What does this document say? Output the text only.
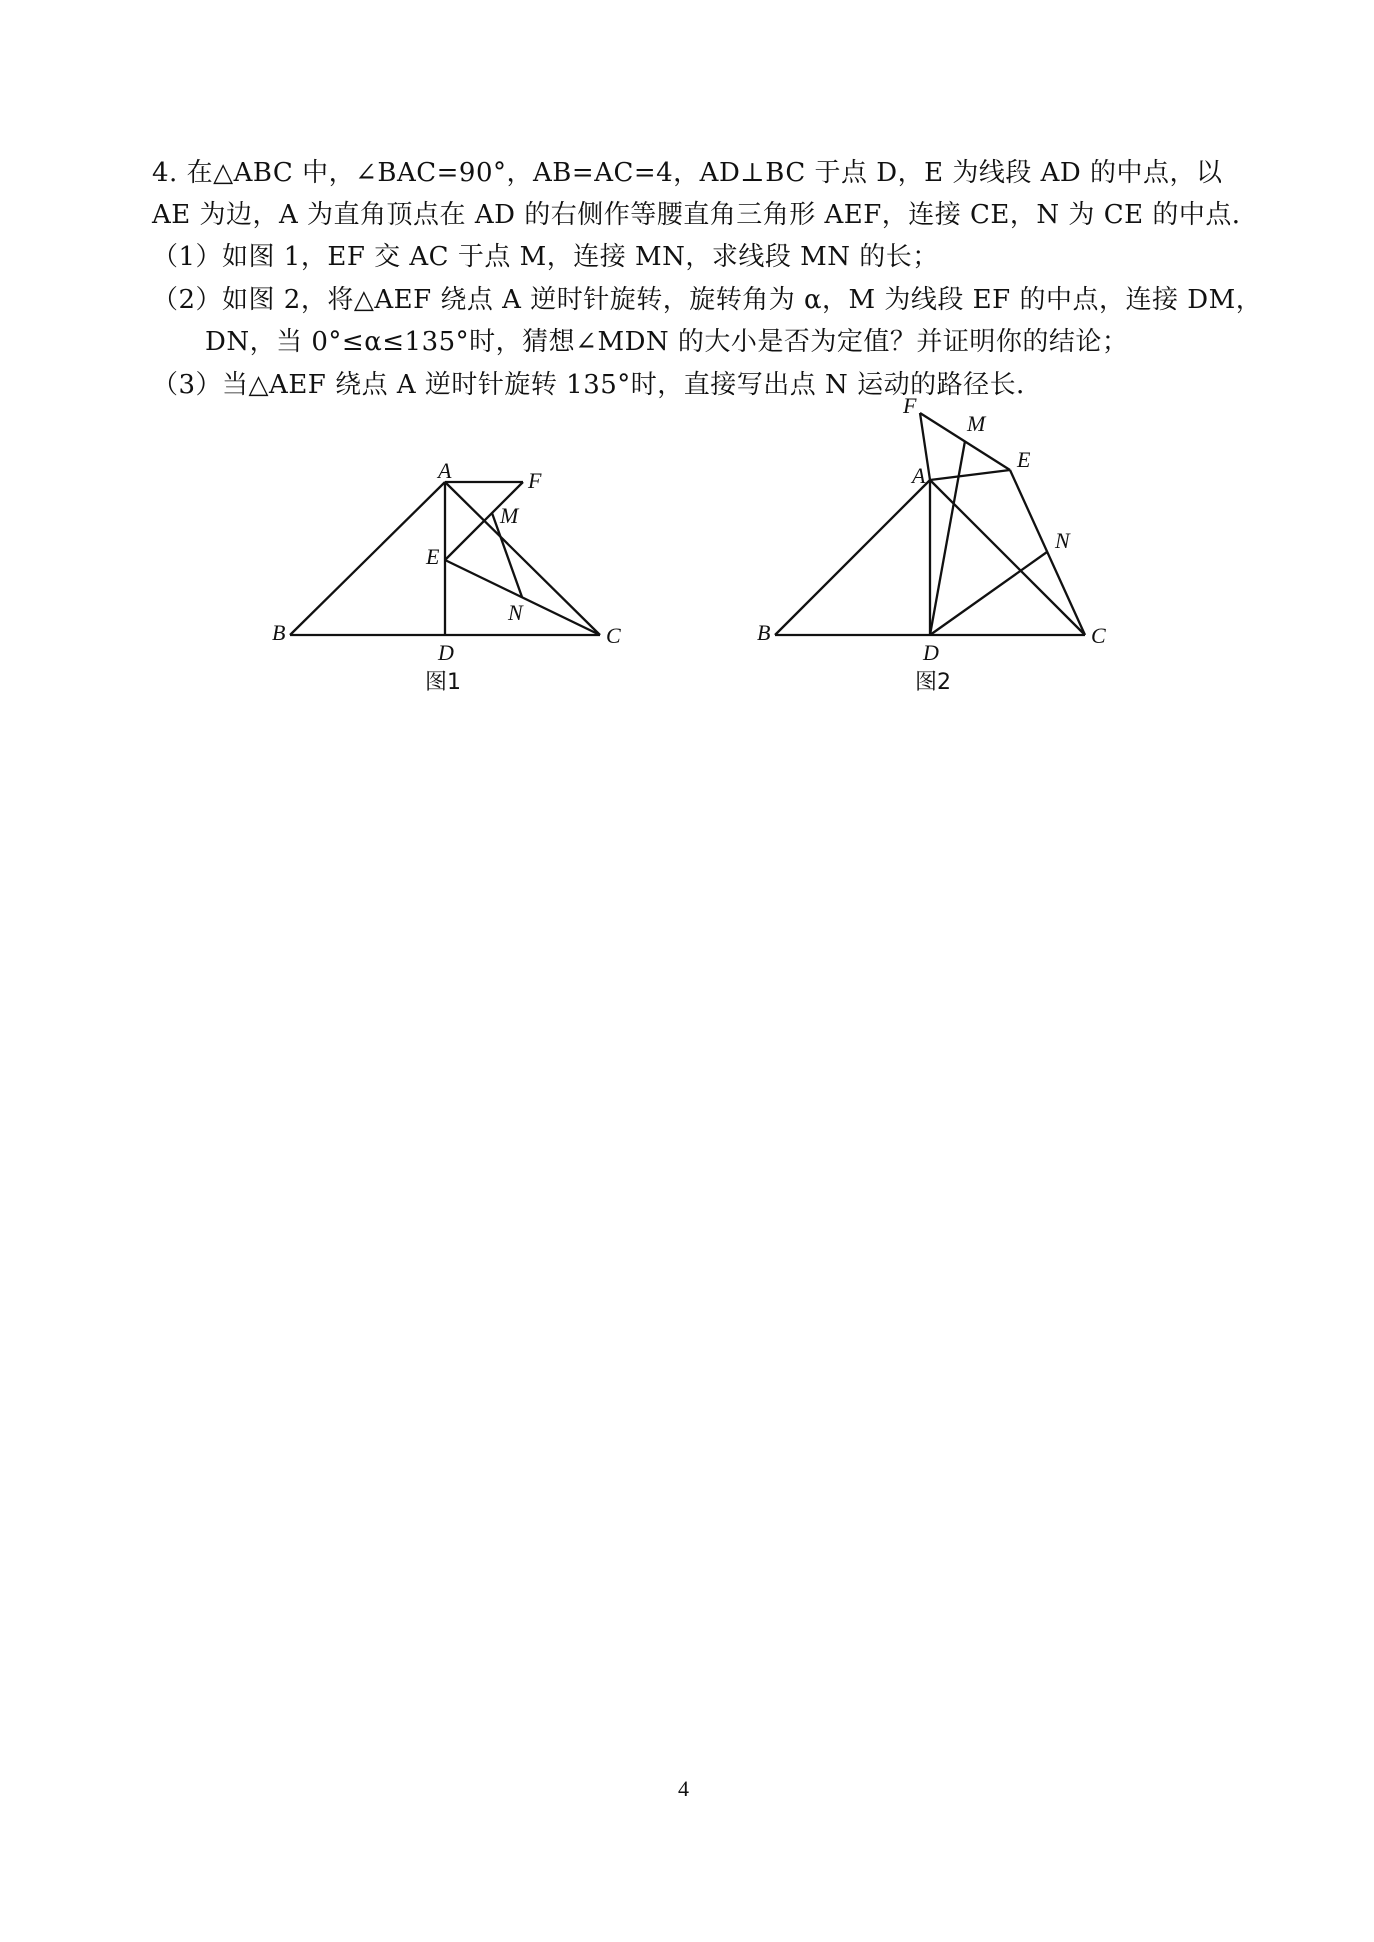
4. 在△ABC 中，∠BAC=90°，AB=AC=4，AD⊥BC 于点 D，E 为线段 AD 的中点，以
AE 为边，A 为直角顶点在 AD 的右侧作等腰直角三角形 AEF，连接 CE，N 为 CE 的中点．
（1）如图 1，EF 交 AC 于点 M，连接 MN，求线段 MN 的长；
（2）如图 2，将△AEF 绕点 A 逆时针旋转，旋转角为 α，M 为线段 EF 的中点，连接 DM，
DN，当 0°≤α≤135°时，猜想∠MDN 的大小是否为定值？并证明你的结论；
（3）当△AEF 绕点 A 逆时针旋转 135°时，直接写出点 N 运动的路径长．
A	F
M
E
N
B
D
C
图1
F
M
E
A
N
B
D
C
图2
4
